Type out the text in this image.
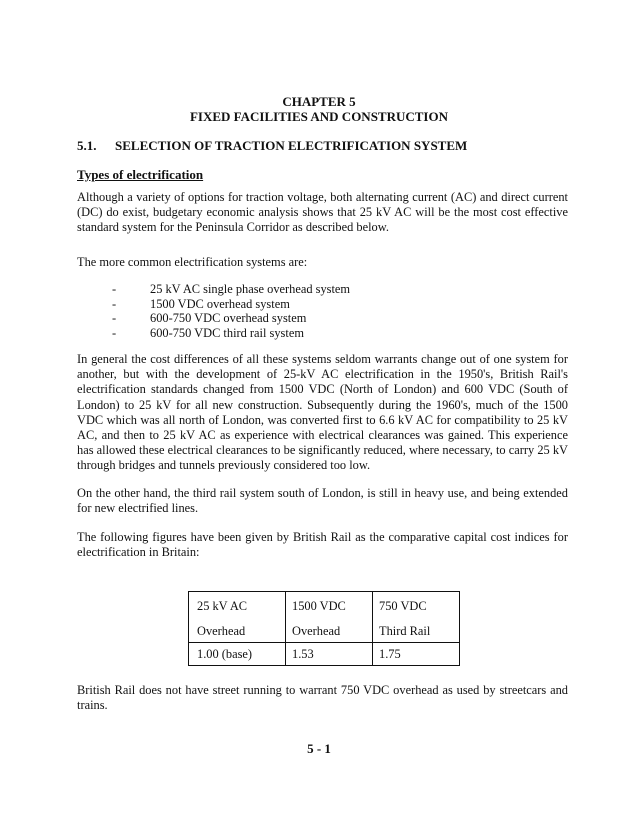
CHAPTER 5
FIXED FACILITIES AND CONSTRUCTION
5.1. SELECTION OF TRACTION ELECTRIFICATION SYSTEM
Types of electrification
Although a variety of options for traction voltage, both alternating current (AC) and direct current (DC) do exist, budgetary economic analysis shows that 25 kV AC will be the most cost effective standard system for the Peninsula Corridor as described below.
The more common electrification systems are:
-	25 kV AC single phase overhead system
-	1500 VDC overhead system
-	600-750 VDC overhead system
-	600-750 VDC third rail system
In general the cost differences of all these systems seldom warrants change out of one system for another, but with the development of 25-kV AC electrification in the 1950's, British Rail's electrification standards changed from 1500 VDC (North of London) and 600 VDC (South of London) to 25 kV for all new construction. Subsequently during the 1960's, much of the 1500 VDC which was all north of London, was converted first to 6.6 kV AC for compatibility to 25 kV AC, and then to 25 kV AC as experience with electrical clearances was gained. This experience has allowed these electrical clearances to be significantly reduced, where necessary, to carry 25 kV through bridges and tunnels previously considered too low.
On the other hand, the third rail system south of London, is still in heavy use, and being extended for new electrified lines.
The following figures have been given by British Rail as the comparative capital cost indices for electrification in Britain:
25 kV AC	1500 VDC	750 VDC
Overhead	Overhead	Third Rail
1.00 (base)	1.53	1.75
British Rail does not have street running to warrant 750 VDC overhead as used by streetcars and trains.
5 - 1
